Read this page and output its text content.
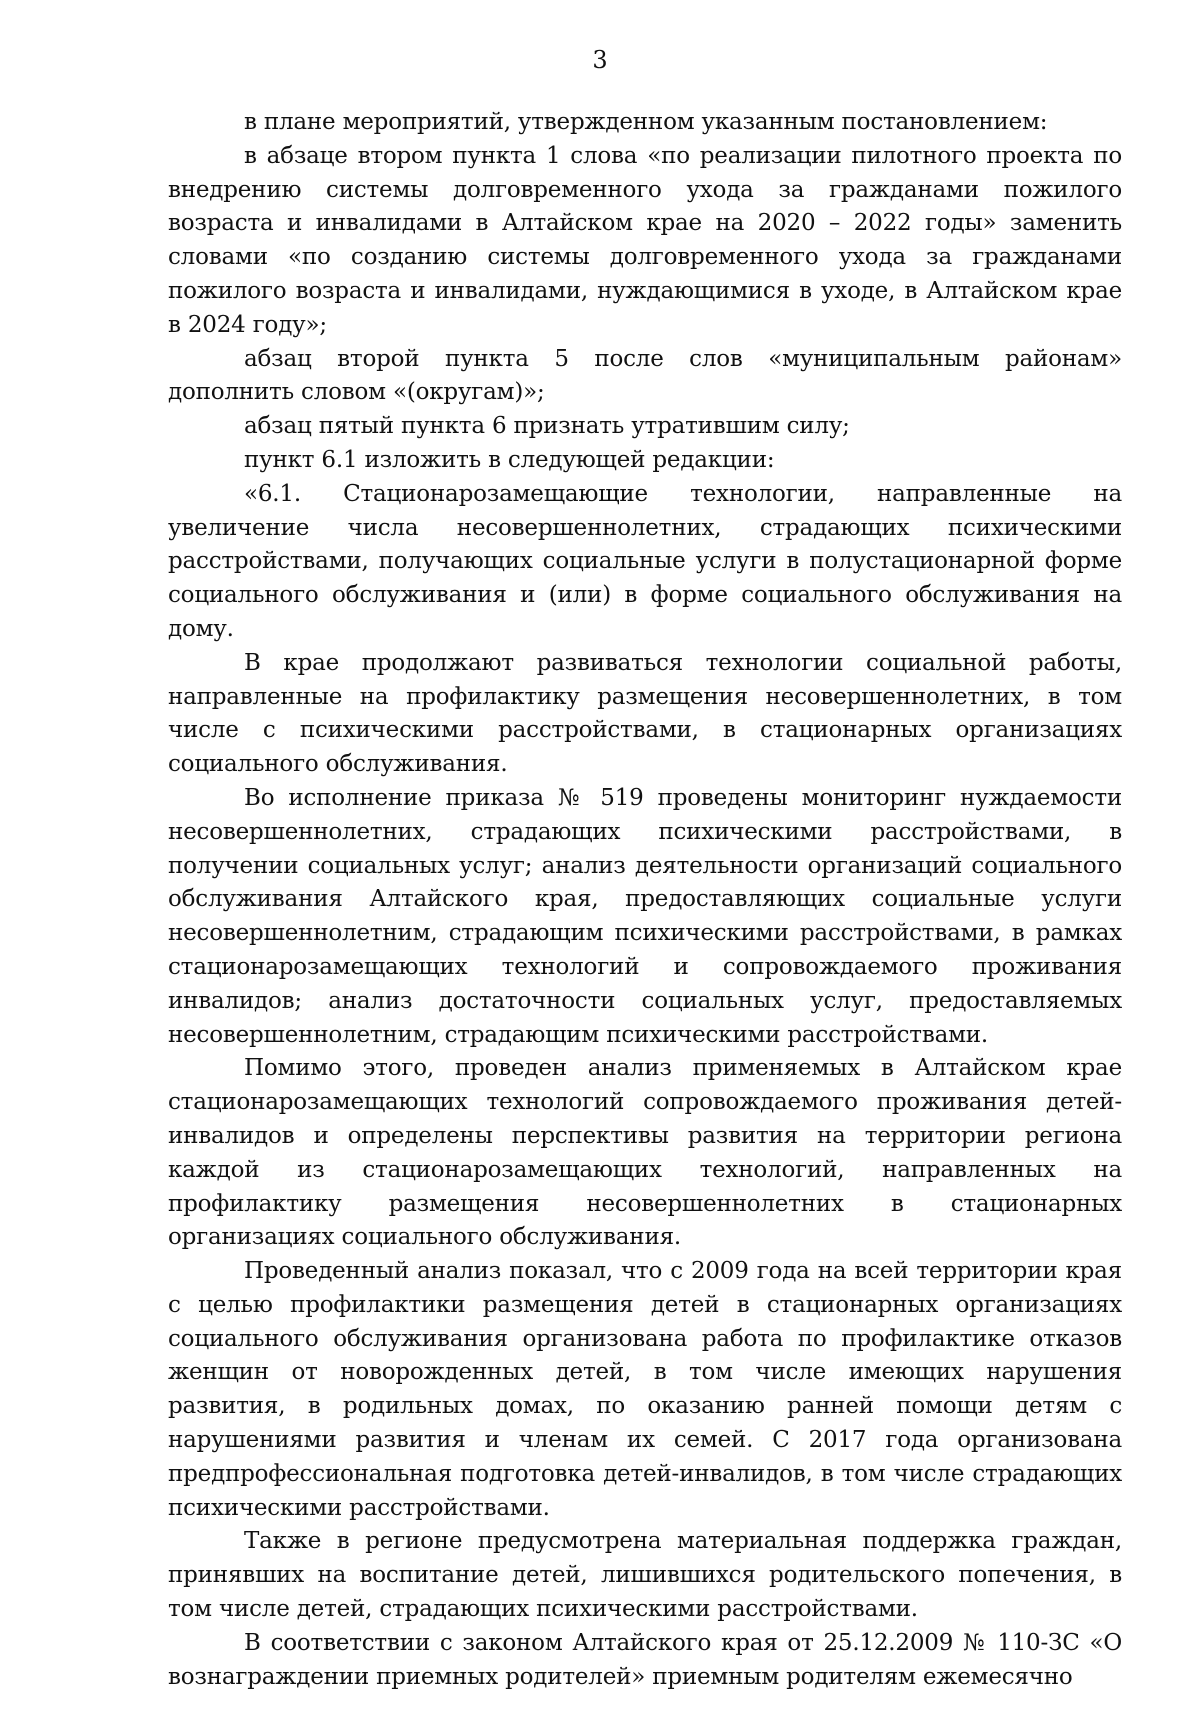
3

в плане мероприятий, утвержденном указанным постановлением:

в абзаце втором пункта 1 слова «по реализации пилотного проекта по внедрению системы долговременного ухода за гражданами пожилого возраста и инвалидами в Алтайском крае на 2020 – 2022 годы» заменить словами «по созданию системы долговременного ухода за гражданами пожилого возраста и инвалидами, нуждающимися в уходе, в Алтайском крае в 2024 году»;

абзац второй пункта 5 после слов «муниципальным районам» дополнить словом «(округам)»;

абзац пятый пункта 6 признать утратившим силу;

пункт 6.1 изложить в следующей редакции:

«6.1. Стационарозамещающие технологии, направленные на увеличение числа несовершеннолетних, страдающих психическими расстройствами, получающих социальные услуги в полустационарной форме социального обслуживания и (или) в форме социального обслуживания на дому.

В крае продолжают развиваться технологии социальной работы, направленные на профилактику размещения несовершеннолетних, в том числе с психическими расстройствами, в стационарных организациях социального обслуживания.

Во исполнение приказа № 519 проведены мониторинг нуждаемости несовершеннолетних, страдающих психическими расстройствами, в получении социальных услуг; анализ деятельности организаций социального обслуживания Алтайского края, предоставляющих социальные услуги несовершеннолетним, страдающим психическими расстройствами, в рамках стационарозамещающих технологий и сопровождаемого проживания инвалидов; анализ достаточности социальных услуг, предоставляемых несовершеннолетним, страдающим психическими расстройствами.

Помимо этого, проведен анализ применяемых в Алтайском крае стационарозамещающих технологий сопровождаемого проживания детей-инвалидов и определены перспективы развития на территории региона каждой из стационарозамещающих технологий, направленных на профилактику размещения несовершеннолетних в стационарных организациях социального обслуживания.

Проведенный анализ показал, что с 2009 года на всей территории края с целью профилактики размещения детей в стационарных организациях социального обслуживания организована работа по профилактике отказов женщин от новорожденных детей, в том числе имеющих нарушения развития, в родильных домах, по оказанию ранней помощи детям с нарушениями развития и членам их семей. С 2017 года организована предпрофессиональная подготовка детей-инвалидов, в том числе страдающих психическими расстройствами.

Также в регионе предусмотрена материальная поддержка граждан, принявших на воспитание детей, лишившихся родительского попечения, в том числе детей, страдающих психическими расстройствами.

В соответствии с законом Алтайского края от 25.12.2009 № 110-ЗС «О вознаграждении приемных родителей» приемным родителям ежемесячно
